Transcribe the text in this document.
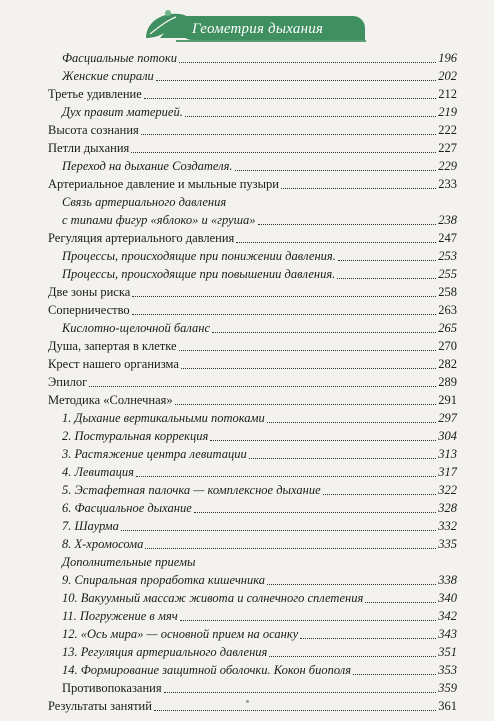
Геометрия дыхания
Фасциальные потоки	196
Женские спирали	202
Третье удивление	212
Дух правит материей.	219
Высота сознания	222
Петли дыхания	227
Переход на дыхание Создателя.	229
Артериальное давление и мыльные пузыри	233
Связь артериального давления
с типами фигур «яблоко» и «груша»	238
Регуляция артериального давления	247
Процессы, происходящие при понижении давления.	253
Процессы, происходящие при повышении давления.	255
Две зоны риска	258
Соперничество	263
Кислотно-щелочной баланс	265
Душа, запертая в клетке	270
Крест нашего организма	282
Эпилог	289
Методика «Солнечная»	291
1. Дыхание вертикальными потоками	297
2. Постуральная коррекция	304
3. Растяжение центра левитации	313
4. Левитация	317
5. Эстафетная палочка — комплексное дыхание	322
6. Фасциальное дыхание	328
7. Шаурма	332
8. Х-хромосома	335
Дополнительные приемы
9. Спиральная проработка кишечника	338
10. Вакуумный массаж живота и солнечного сплетения	340
11. Погружение в мяч	342
12. «Ось мира» — основной прием на осанку	343
13. Регуляция артериального давления	351
14. Формирование защитной оболочки. Кокон биополя	353
Противопоказания	359
Результаты занятий	361
